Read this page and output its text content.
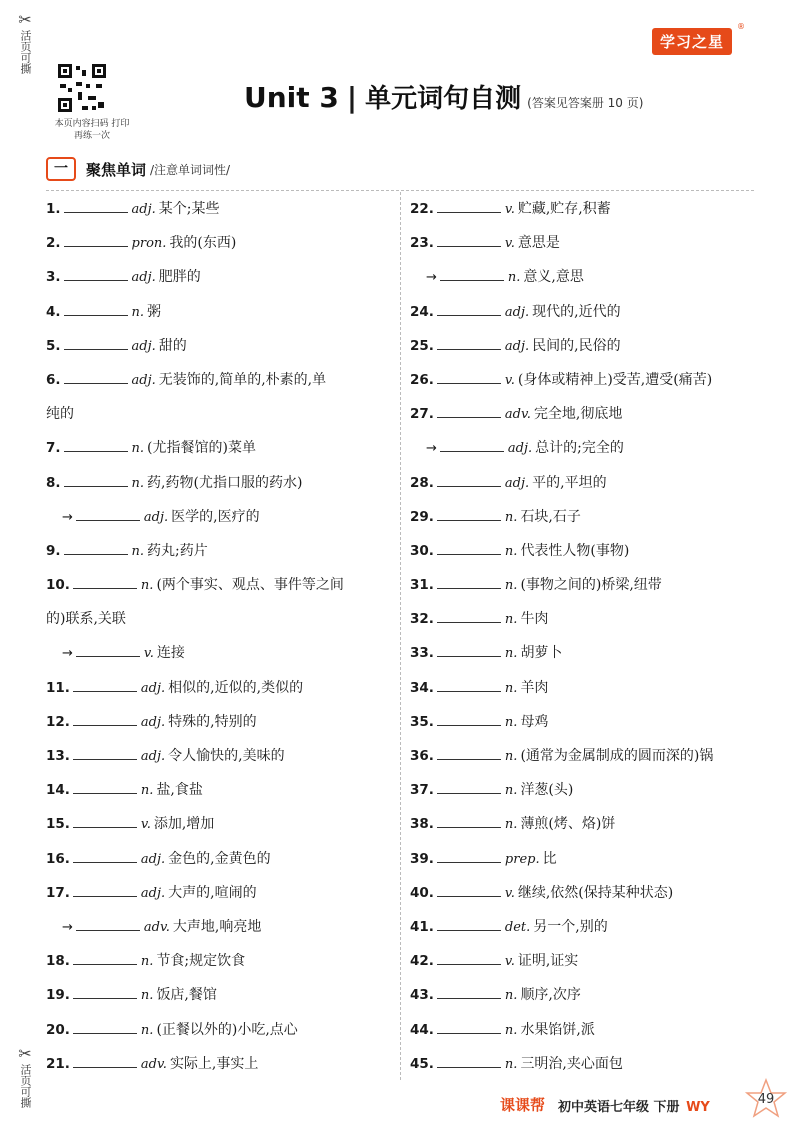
✂
活页可撕
✂
活页可撕
本页内容扫码 打印再练一次
学习之星
®
Unit 3 | 单元词句自测 (答案见答案册 10 页)
一	聚焦单词 /注意单词词性/
1.	adj. 某个;某些
2.	pron. 我的(东西)
3.	adj. 肥胖的
4.	n. 粥
5.	adj. 甜的
6.	adj. 无装饰的,简单的,朴素的,单
纯的
7.	n. (尤指餐馆的)菜单
8.	n. 药,药物(尤指口服的药水)
→	adj. 医学的,医疗的
9.	n. 药丸;药片
10.	n. (两个事实、观点、事件等之间
的)联系,关联
→	v. 连接
11.	adj. 相似的,近似的,类似的
12.	adj. 特殊的,特别的
13.	adj. 令人愉快的,美味的
14.	n. 盐,食盐
15.	v. 添加,增加
16.	adj. 金色的,金黄色的
17.	adj. 大声的,喧闹的
→	adv. 大声地,响亮地
18.	n. 节食;规定饮食
19.	n. 饭店,餐馆
20.	n. (正餐以外的)小吃,点心
21.	adv. 实际上,事实上
22.	v. 贮藏,贮存,积蓄
23.	v. 意思是
→	n. 意义,意思
24.	adj. 现代的,近代的
25.	adj. 民间的,民俗的
26.	v. (身体或精神上)受苦,遭受(痛苦)
27.	adv. 完全地,彻底地
→	adj. 总计的;完全的
28.	adj. 平的,平坦的
29.	n. 石块,石子
30.	n. 代表性人物(事物)
31.	n. (事物之间的)桥梁,纽带
32.	n. 牛肉
33.	n. 胡萝卜
34.	n. 羊肉
35.	n. 母鸡
36.	n. (通常为金属制成的圆而深的)锅
37.	n. 洋葱(头)
38.	n. 薄煎(烤、烙)饼
39.	prep. 比
40.	v. 继续,依然(保持某种状态)
41.	det. 另一个,别的
42.	v. 证明,证实
43.	n. 顺序,次序
44.	n. 水果馅饼,派
45.	n. 三明治,夹心面包
课课帮 初中英语七年级 下册 WY
49
